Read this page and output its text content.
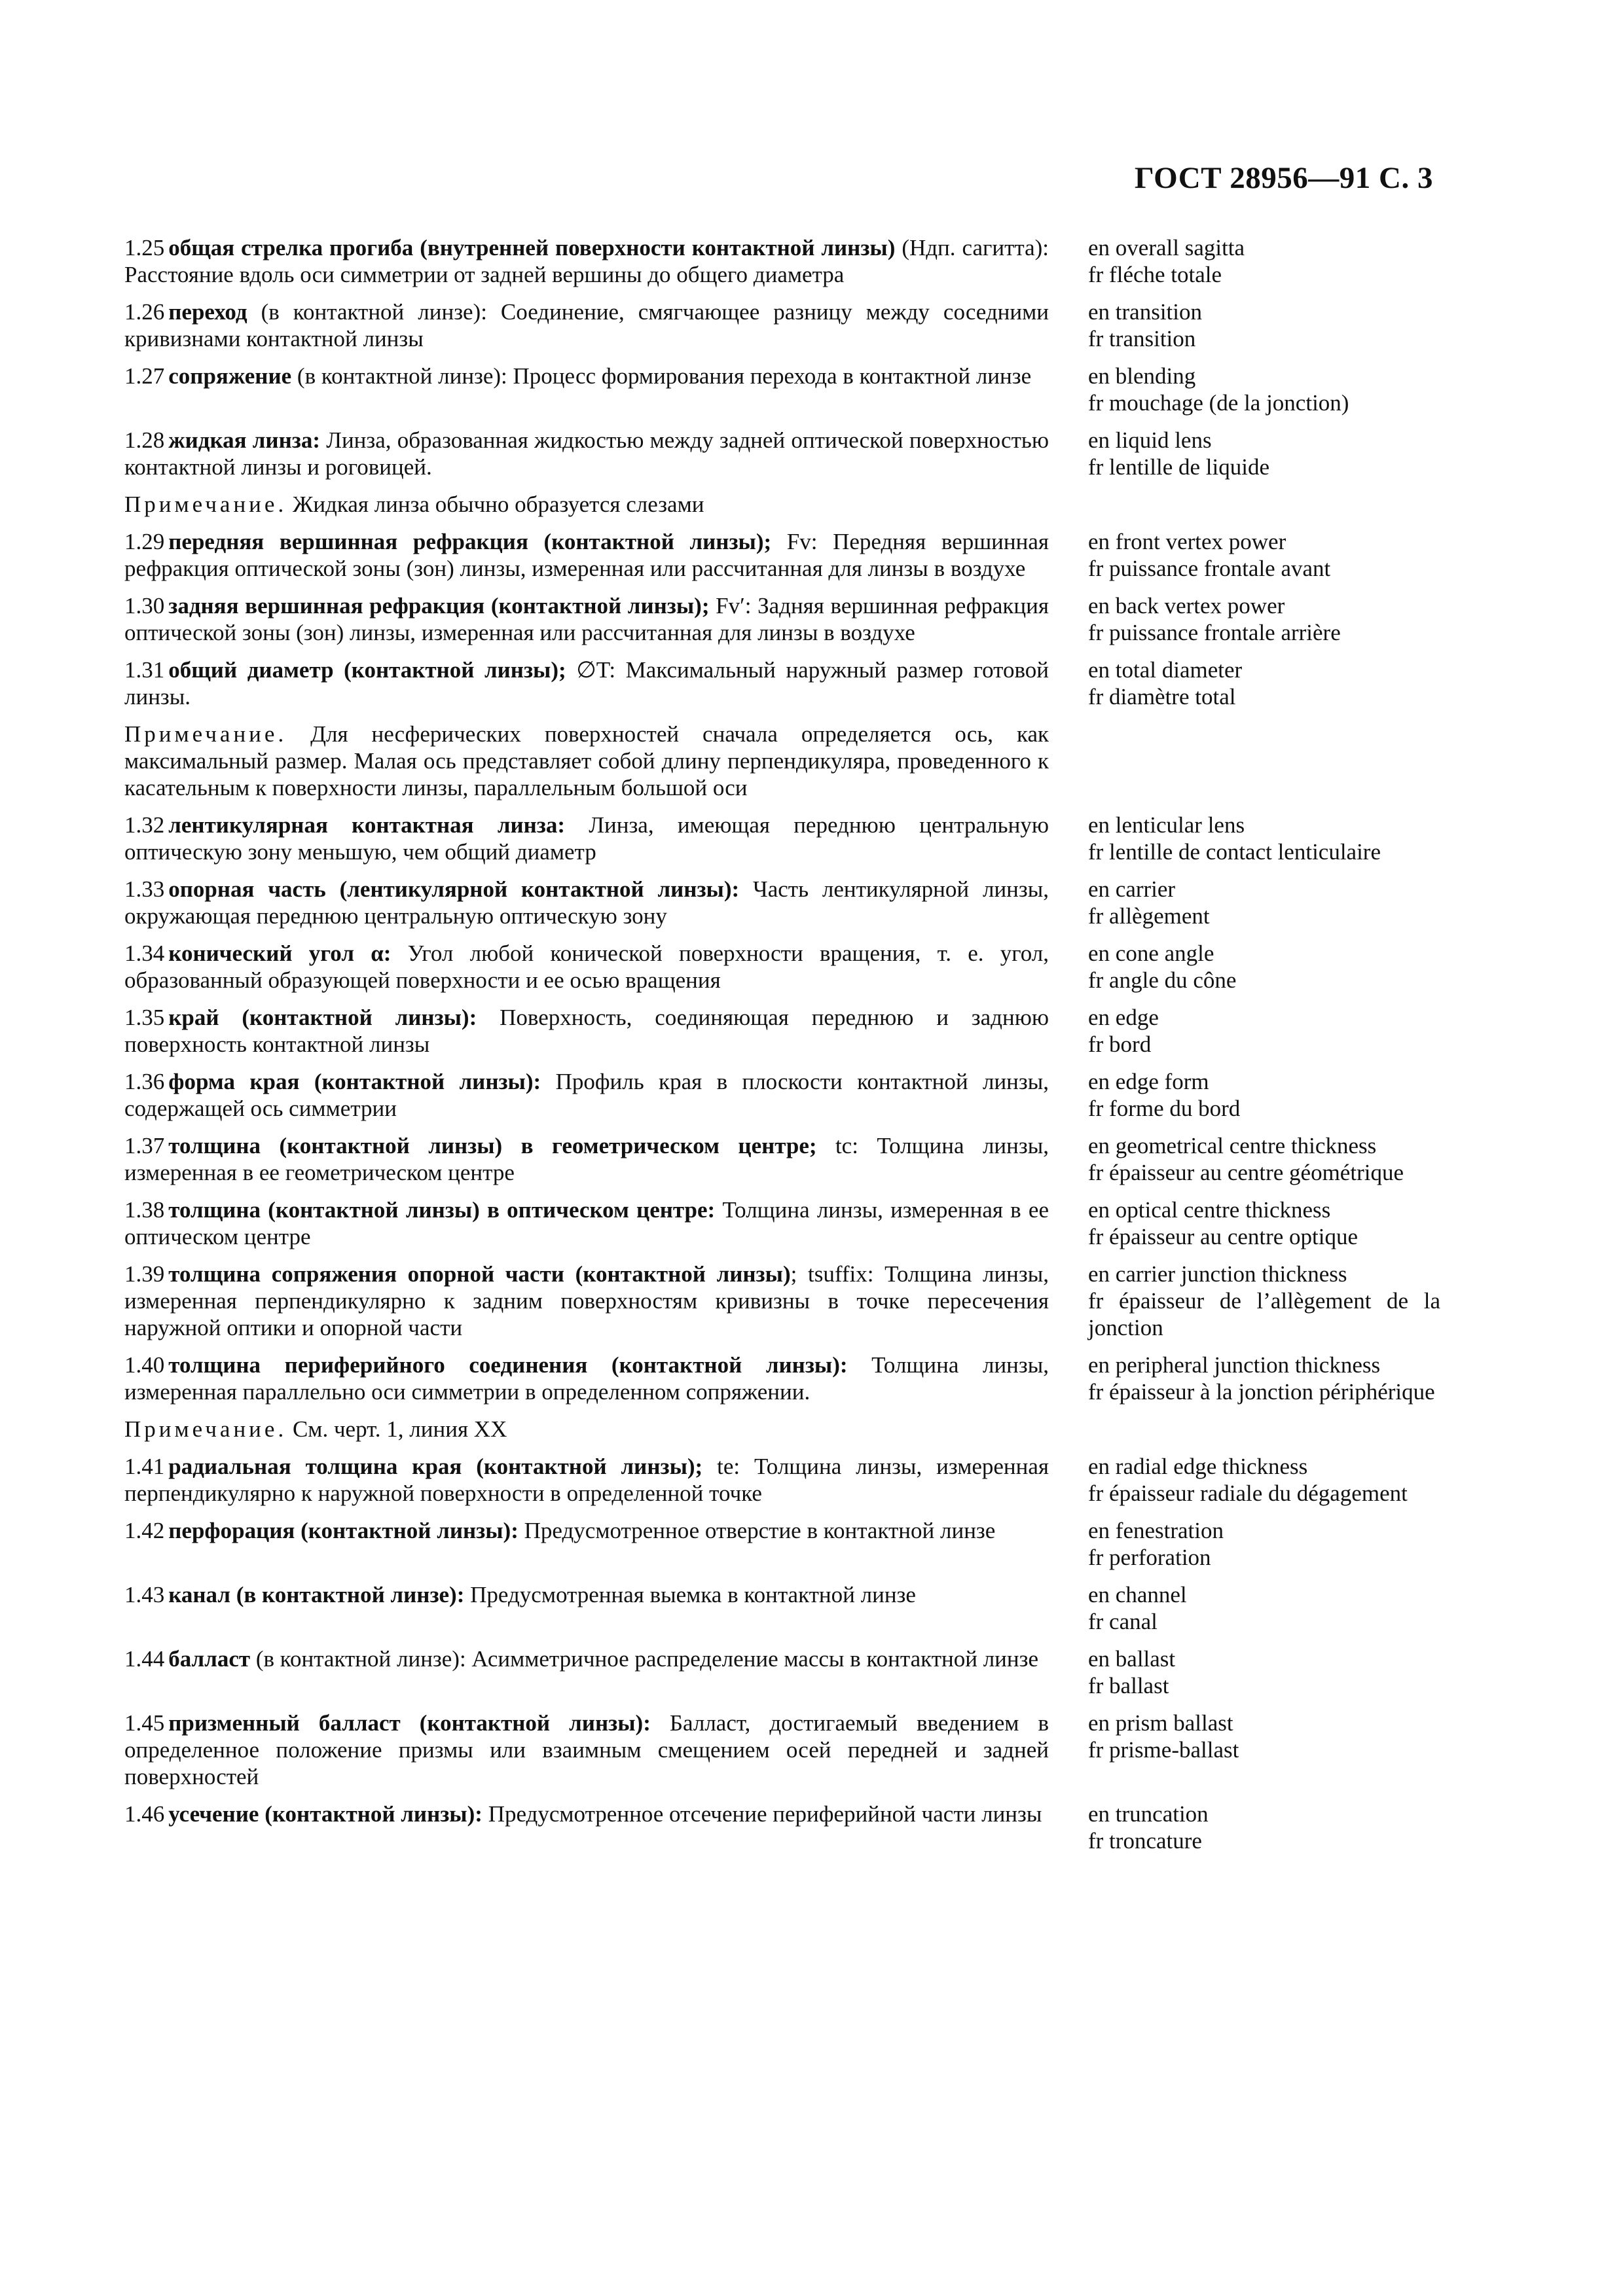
ГОСТ 28956—91 С. 3
1.25 общая стрелка прогиба (внутренней поверхности контактной линзы) (Ндп. сагитта): Расстояние вдоль оси симметрии от задней вершины до общего диаметра
en overall sagitta
fr fléche totale
1.26 переход (в контактной линзе): Соединение, смягчающее разницу между соседними кривизнами контактной линзы
en transition
fr transition
1.27 сопряжение (в контактной линзе): Процесс формирования перехода в контактной линзе	en blending
fr mouchage (de la jonction)
1.28 жидкая линза: Линза, образованная жидкостью между задней оптической поверхностью контактной линзы и роговицей.
en liquid lens
fr lentille de liquide
Примечание. Жидкая линза обычно образуется слезами
1.29 передняя вершинная рефракция (контактной линзы); Fv: Передняя вершинная рефракция оптической зоны (зон) линзы, измеренная или рассчитанная для линзы в воздухе
en front vertex power
fr puissance frontale avant
1.30 задняя вершинная рефракция (контактной линзы); Fv′: Задняя вершинная рефракция оптической зоны (зон) линзы, измеренная или рассчитанная для линзы в воздухе
en back vertex power
fr puissance frontale arrière
1.31 общий диаметр (контактной линзы); ∅T: Максимальный наружный размер готовой линзы.
en total diameter
fr diamètre total
Примечание. Для несферических поверхностей сначала определяется ось, как максимальный размер. Малая ось представляет собой длину перпендикуляра, проведенного к касательным к поверхности линзы, параллельным большой оси
1.32 лентикулярная контактная линза: Линза, имеющая переднюю центральную оптическую зону меньшую, чем общий диаметр
en lenticular lens
fr lentille de contact lenticulaire
1.33 опорная часть (лентикулярной контактной линзы): Часть лентикулярной линзы, окружающая переднюю центральную оптическую зону
en carrier
fr allègement
1.34 конический угол α: Угол любой конической поверхности вращения, т. е. угол, образованный образующей поверхности и ее осью вращения
en cone angle
fr angle du cône
1.35 край (контактной линзы): Поверхность, соединяющая переднюю и заднюю поверхность контактной линзы
en edge
fr bord
1.36 форма края (контактной линзы): Профиль края в плоскости контактной линзы, содержащей ось симметрии
en edge form
fr forme du bord
1.37 толщина (контактной линзы) в геометрическом центре; tc: Толщина линзы, измеренная в ее геометрическом центре
en geometrical centre thickness
fr épaisseur au centre géométrique
1.38 толщина (контактной линзы) в оптическом центре: Толщина линзы, измеренная в ее оптическом центре
en optical centre thickness
fr épaisseur au centre optique
1.39 толщина сопряжения опорной части (контактной линзы); tsuffix: Толщина линзы, измеренная перпендикулярно к задним поверхностям кривизны в точке пересечения наружной оптики и опорной части
en carrier junction thickness
fr épaisseur de l’allègement de la jonction
1.40 толщина периферийного соединения (контактной линзы): Толщина линзы, измеренная параллельно оси симметрии в определенном сопряжении.
en peripheral junction thickness
fr épaisseur à la jonction périphérique
Примечание. См. черт. 1, линия XX
1.41 радиальная толщина края (контактной линзы); te: Толщина линзы, измеренная перпендикулярно к наружной поверхности в определенной точке
en radial edge thickness
fr épaisseur radiale du dégagement
1.42 перфорация (контактной линзы): Предусмотренное отверстие в контактной линзе	en fenestration
fr perforation
1.43 канал (в контактной линзе): Предусмотренная выемка в контактной линзе	en channel
fr canal
1.44 балласт (в контактной линзе): Асимметричное распределение массы в контактной линзе	en ballast
fr ballast
1.45 призменный балласт (контактной линзы): Балласт, достигаемый введением в определенное положение призмы или взаимным смещением осей передней и задней поверхностей
en prism ballast
fr prisme-ballast
1.46 усечение (контактной линзы): Предусмотренное отсечение периферийной части линзы	en truncation
fr troncature
